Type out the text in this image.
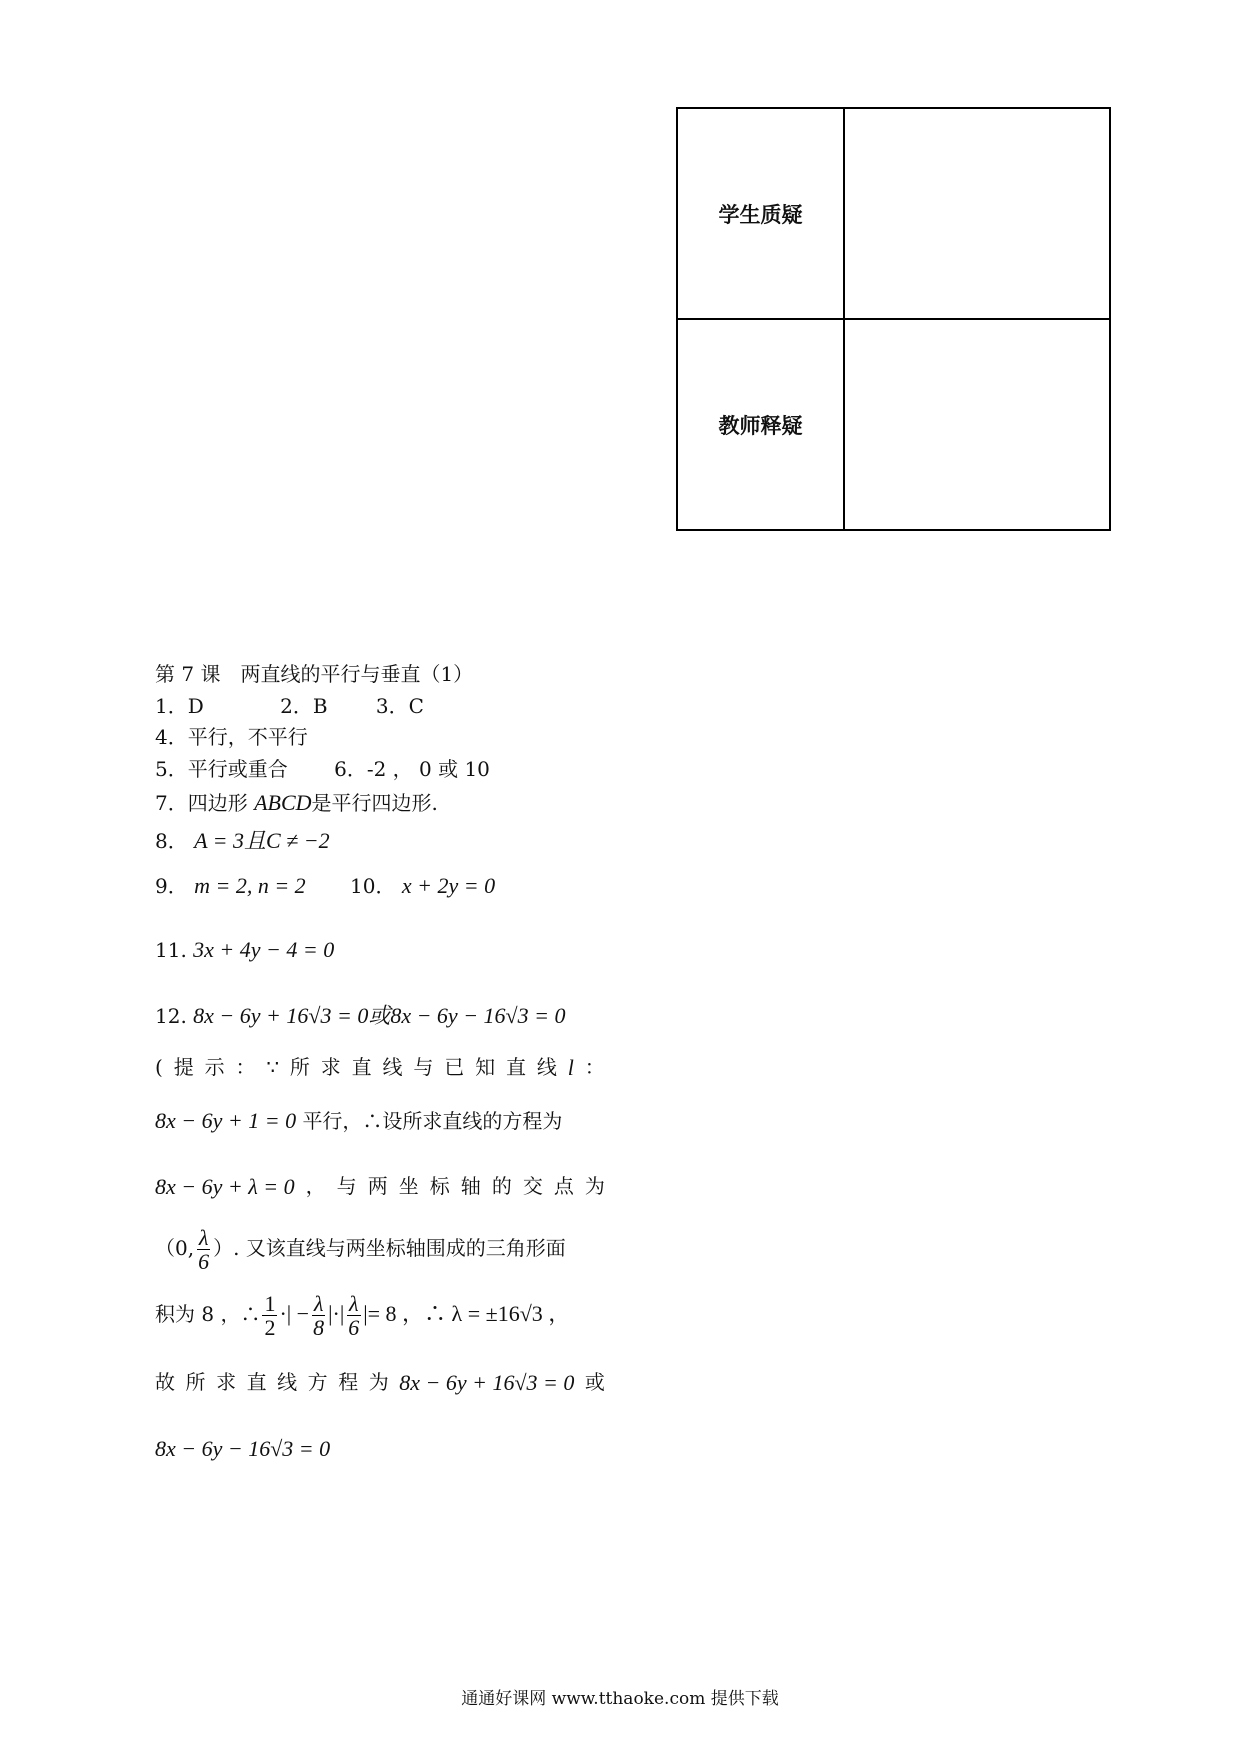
学生质疑	
教师释疑	
第 7 课　两直线的平行与垂直（1）
1．D	2．B 3．C
4．平行，不平行
5．平行或重合 6．-2 ， 0 或 10
7．四边形 ABCD是平行四边形.
8． A = 3且C ≠ −2
9． m = 2, n = 2 10． x + 2y = 0
11. 3x + 4y − 4 = 0
12. 8x − 6y + 16√3 = 0或8x − 6y − 16√3 = 0
( 提 示 ： ∵ 所 求 直 线 与 已 知 直 线 l ：
8x − 6y + 1 = 0 平行，∴设所求直线的方程为
8x − 6y + λ = 0 ， 与 两 坐 标 轴 的 交 点 为
（0, $\frac{\lambda}{6}$ ）. 又该直线与两坐标轴围成的三角形面
积为 8 ，∴ $\frac{1}{2}$ ·| − $\frac{\lambda}{8}$ |·| $\frac{\lambda}{6}$ |= 8 ，∴ λ = ±16√3 ，
故 所 求 直 线 方 程 为 8x − 6y + 16√3 = 0 或
8x − 6y − 16√3 = 0
通通好课网 www.tthaoke.com 提供下载
